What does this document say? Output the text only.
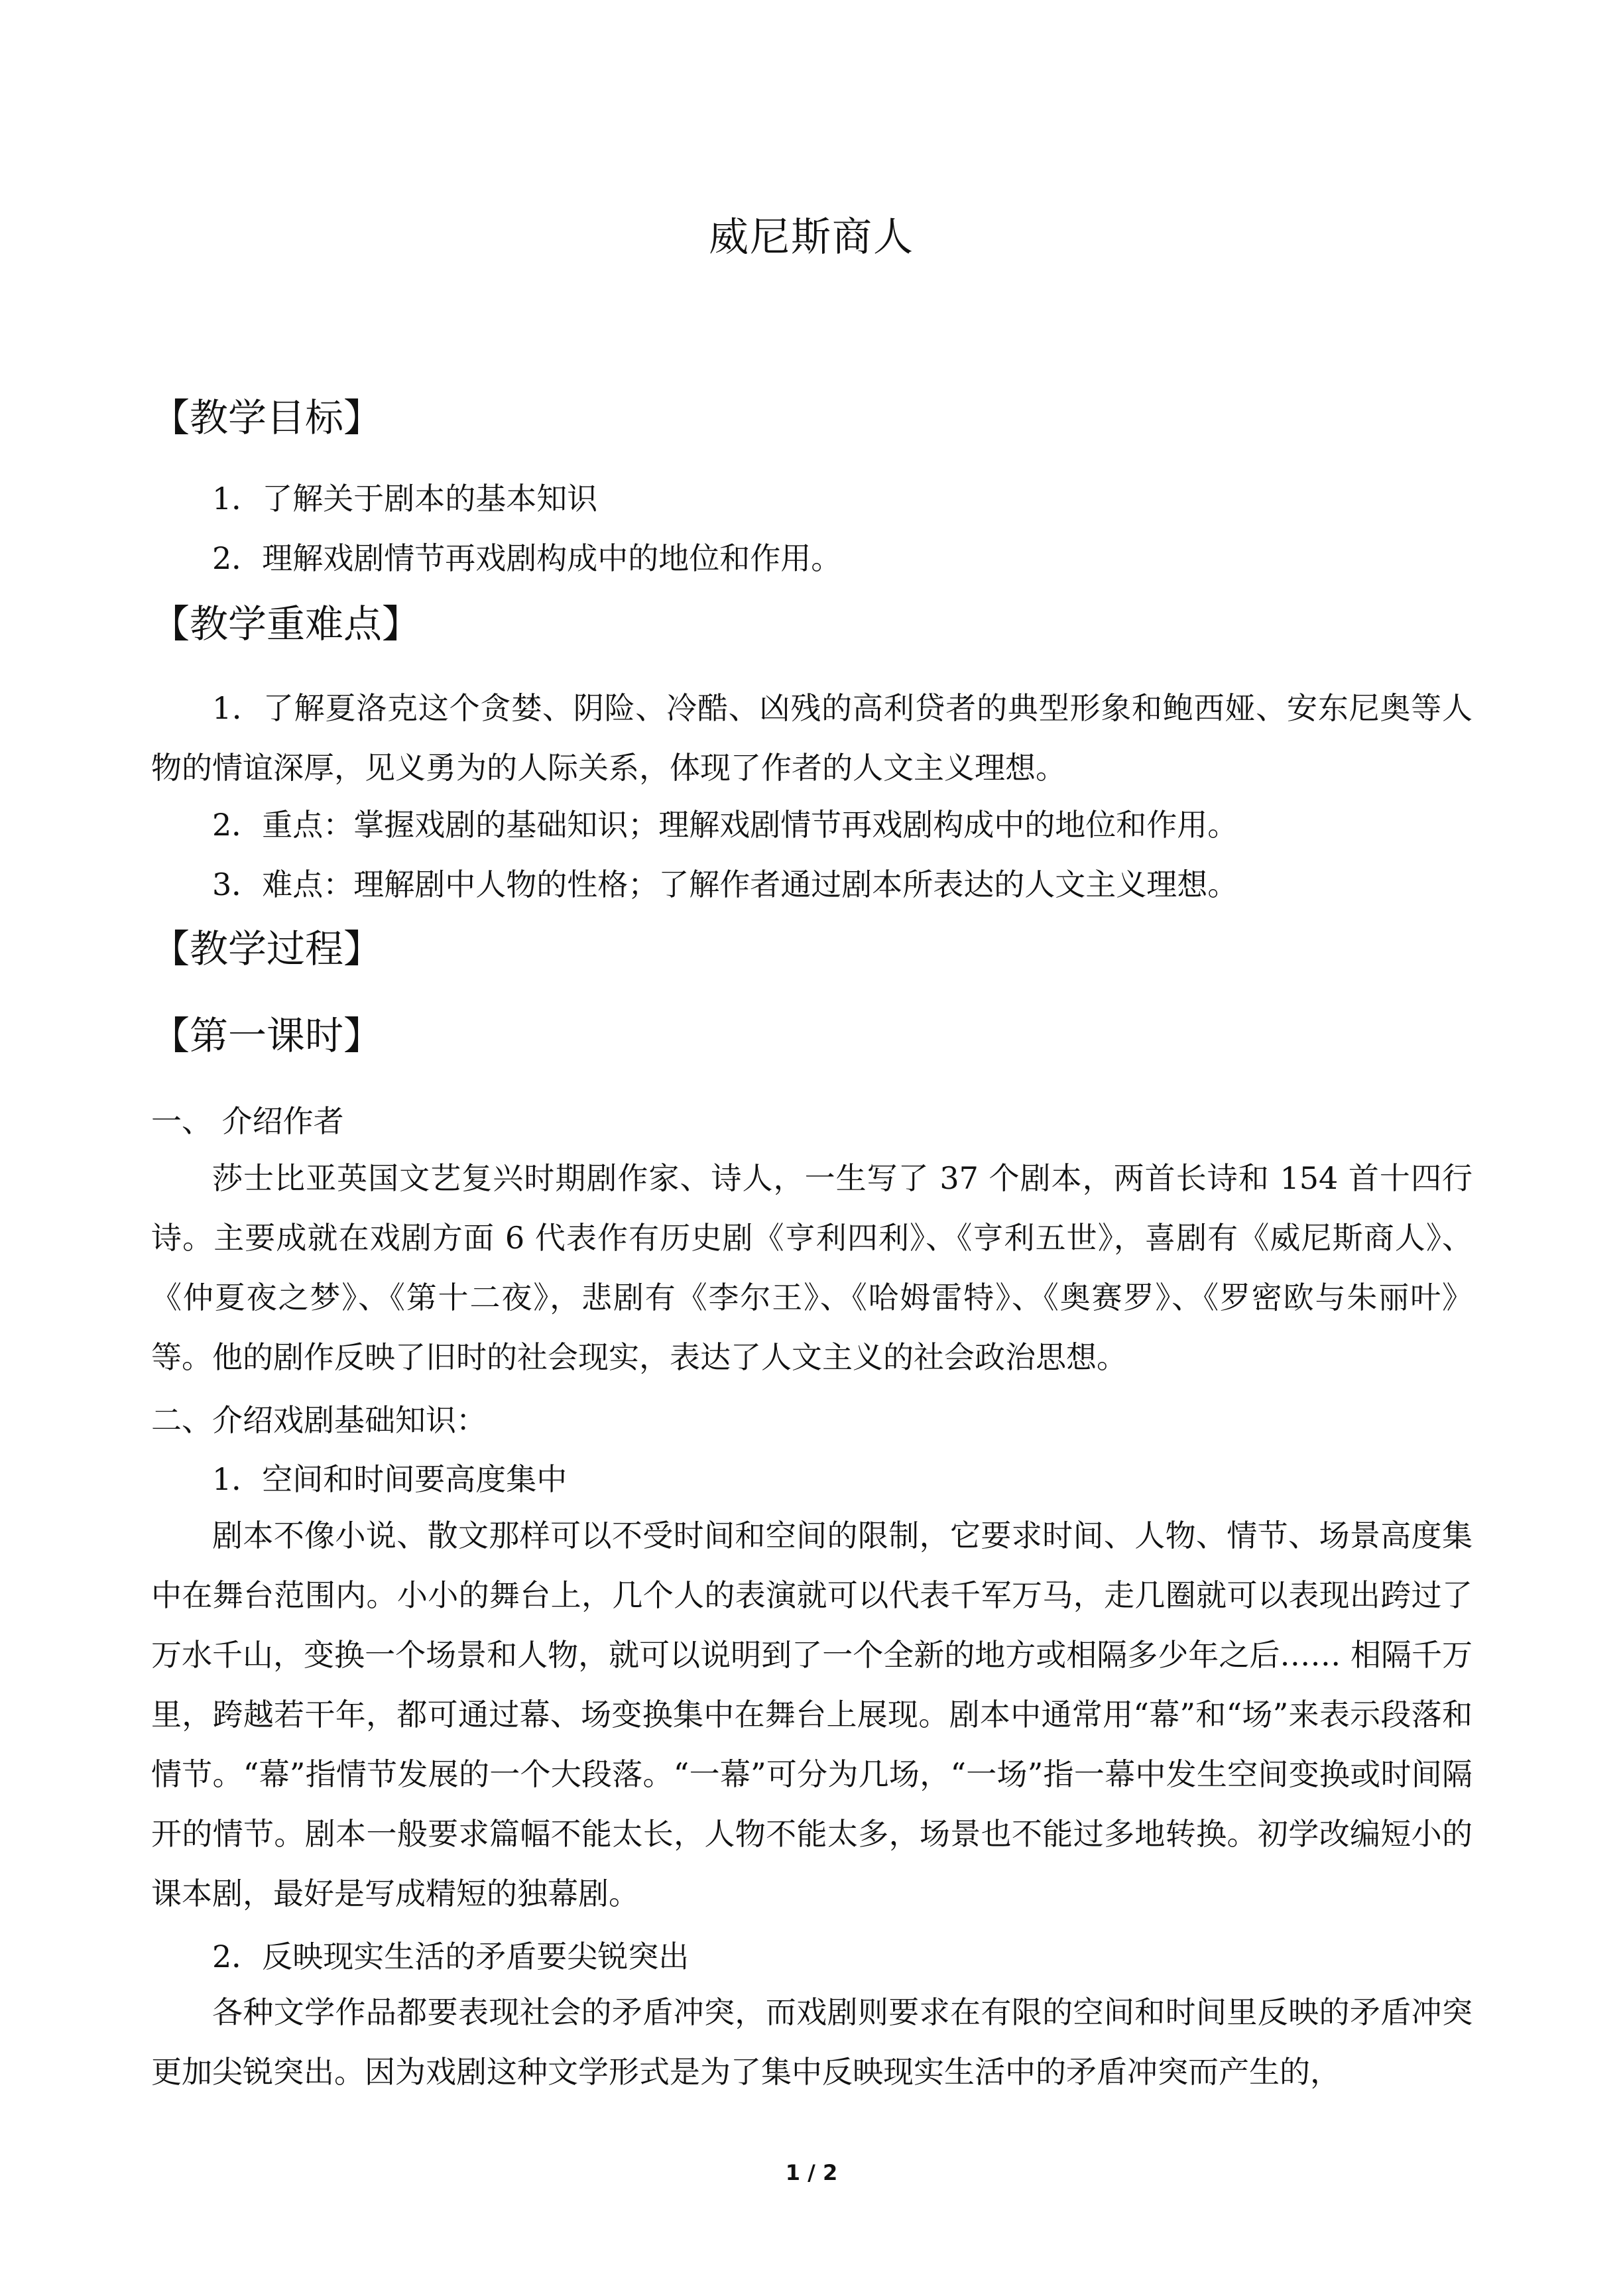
威尼斯商人
【教学目标】
1．了解关于剧本的基本知识
2．理解戏剧情节再戏剧构成中的地位和作用。
【教学重难点】
1．了解夏洛克这个贪婪、阴险、冷酷、凶残的高利贷者的典型形象和鲍西娅、安东尼奥等人物的情谊深厚，见义勇为的人际关系，体现了作者的人文主义理想。
2．重点：掌握戏剧的基础知识；理解戏剧情节再戏剧构成中的地位和作用。
3．难点：理解剧中人物的性格；了解作者通过剧本所表达的人文主义理想。
【教学过程】
【第一课时】
一、 介绍作者
莎士比亚英国文艺复兴时期剧作家、诗人，一生写了 37 个剧本，两首长诗和 154 首十四行诗。主要成就在戏剧方面 6 代表作有历史剧《亨利四利》、《亨利五世》，喜剧有《威尼斯商人》、《仲夏夜之梦》、《第十二夜》，悲剧有《李尔王》、《哈姆雷特》、《奥赛罗》、《罗密欧与朱丽叶》等。他的剧作反映了旧时的社会现实，表达了人文主义的社会政治思想。
二、介绍戏剧基础知识：
1．空间和时间要高度集中
剧本不像小说、散文那样可以不受时间和空间的限制，它要求时间、人物、情节、场景高度集中在舞台范围内。小小的舞台上，几个人的表演就可以代表千军万马，走几圈就可以表现出跨过了万水千山，变换一个场景和人物，就可以说明到了一个全新的地方或相隔多少年之后…… 相隔千万里，跨越若干年，都可通过幕、场变换集中在舞台上展现。剧本中通常用“幕”和“场”来表示段落和情节。“幕”指情节发展的一个大段落。“一幕”可分为几场，“一场”指一幕中发生空间变换或时间隔开的情节。剧本一般要求篇幅不能太长，人物不能太多，场景也不能过多地转换。初学改编短小的课本剧，最好是写成精短的独幕剧。
2．反映现实生活的矛盾要尖锐突出
各种文学作品都要表现社会的矛盾冲突，而戏剧则要求在有限的空间和时间里反映的矛盾冲突更加尖锐突出。因为戏剧这种文学形式是为了集中反映现实生活中的矛盾冲突而产生的，
1 / 2
